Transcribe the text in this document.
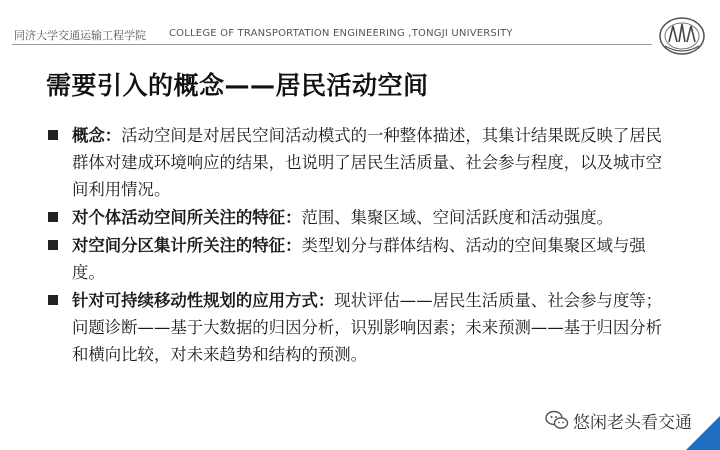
同济大学交通运输工程学院 COLLEGE OF TRANSPORTATION ENGINEERING ,TONGJI UNIVERSITY
需要引入的概念——居民活动空间
概念：活动空间是对居民空间活动模式的一种整体描述，其集计结果既反映了居民群体对建成环境响应的结果，也说明了居民生活质量、社会参与程度，以及城市空间利用情况。
对个体活动空间所关注的特征：范围、集聚区域、空间活跃度和活动强度。
对空间分区集计所关注的特征：类型划分与群体结构、活动的空间集聚区域与强度。
针对可持续移动性规划的应用方式：现状评估——居民生活质量、社会参与度等；问题诊断——基于大数据的归因分析，识别影响因素；未来预测——基于归因分析和横向比较，对未来趋势和结构的预测。
悠闲老头看交通
